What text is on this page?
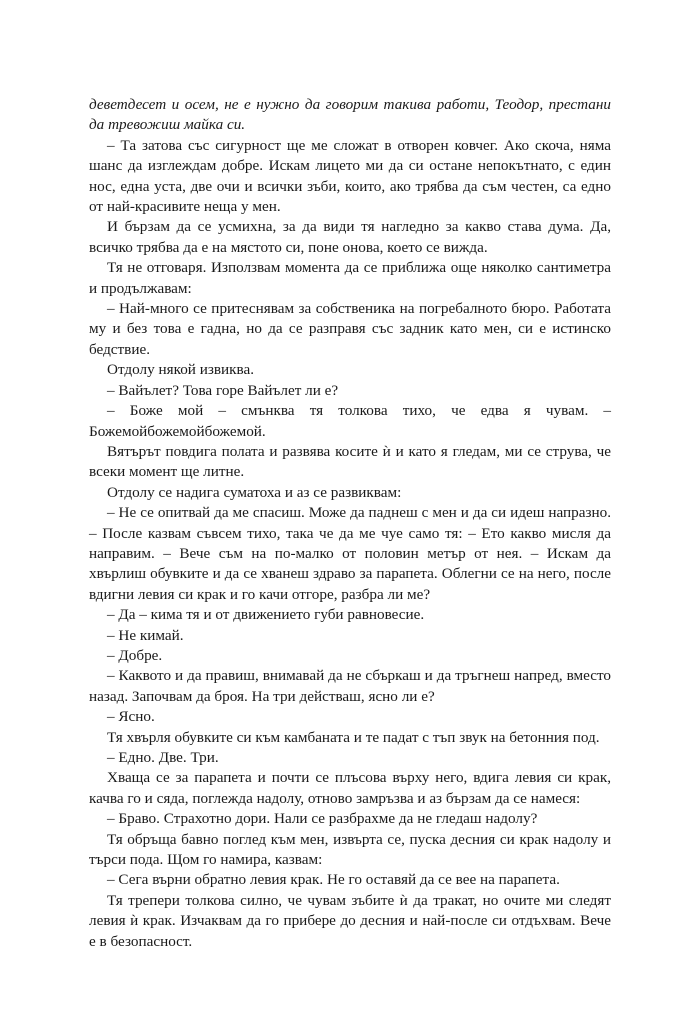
деветдесет и осем, не е нужно да говорим такива работи, Теодор, престани да тревожиш майка си.

– Та затова със сигурност ще ме сложат в отворен ковчег. Ако скоча, няма шанс да изглеждам добре. Искам лицето ми да си остане непокътнато, с един нос, една уста, две очи и всички зъби, които, ако трябва да съм честен, са едно от най-красивите неща у мен.

И бързам да се усмихна, за да види тя нагледно за какво става дума. Да, всичко трябва да е на мястото си, поне онова, което се вижда.

Тя не отговаря. Използвам момента да се приближа още няколко сантиметра и продължавам:

– Най-много се притеснявам за собственика на погребалното бюро. Работата му и без това е гадна, но да се разправя със задник като мен, си е истинско бедствие.

Отдолу някой извиква.

– Вайълет? Това горе Вайълет ли е?

– Боже мой – смънква тя толкова тихо, че едва я чувам. – Божемойбожемойбожемой.

Вятърът повдига полата и развява косите ѝ и като я гледам, ми се струва, че всеки момент ще литне.

Отдолу се надига суматоха и аз се развиквам:

– Не се опитвай да ме спасиш. Може да паднеш с мен и да си идеш напразно. – После казвам съвсем тихо, така че да ме чуе само тя: – Ето какво мисля да направим. – Вече съм на по-малко от половин метър от нея. – Искам да хвърлиш обувките и да се хванеш здраво за парапета. Облегни се на него, после вдигни левия си крак и го качи отгоре, разбра ли ме?

– Да – кима тя и от движението губи равновесие.

– Не кимай.

– Добре.

– Каквото и да правиш, внимавай да не сбъркаш и да тръгнеш напред, вместо назад. Започвам да броя. На три действаш, ясно ли е?

– Ясно.

Тя хвърля обувките си към камбаната и те падат с тъп звук на бетонния под.

– Едно. Две. Три.

Хваща се за парапета и почти се плъсова върху него, вдига левия си крак, качва го и сяда, поглежда надолу, отново замръзва и аз бързам да се намеся:

– Браво. Страхотно дори. Нали се разбрахме да не гледаш надолу?

Тя обръща бавно поглед към мен, извърта се, пуска десния си крак надолу и търси пода. Щом го намира, казвам:

– Сега върни обратно левия крак. Не го оставяй да се вее на парапета.

Тя трепери толкова силно, че чувам зъбите ѝ да тракат, но очите ми следят левия ѝ крак. Изчаквам да го прибере до десния и най-после си отдъхвам. Вече е в безопасност.
